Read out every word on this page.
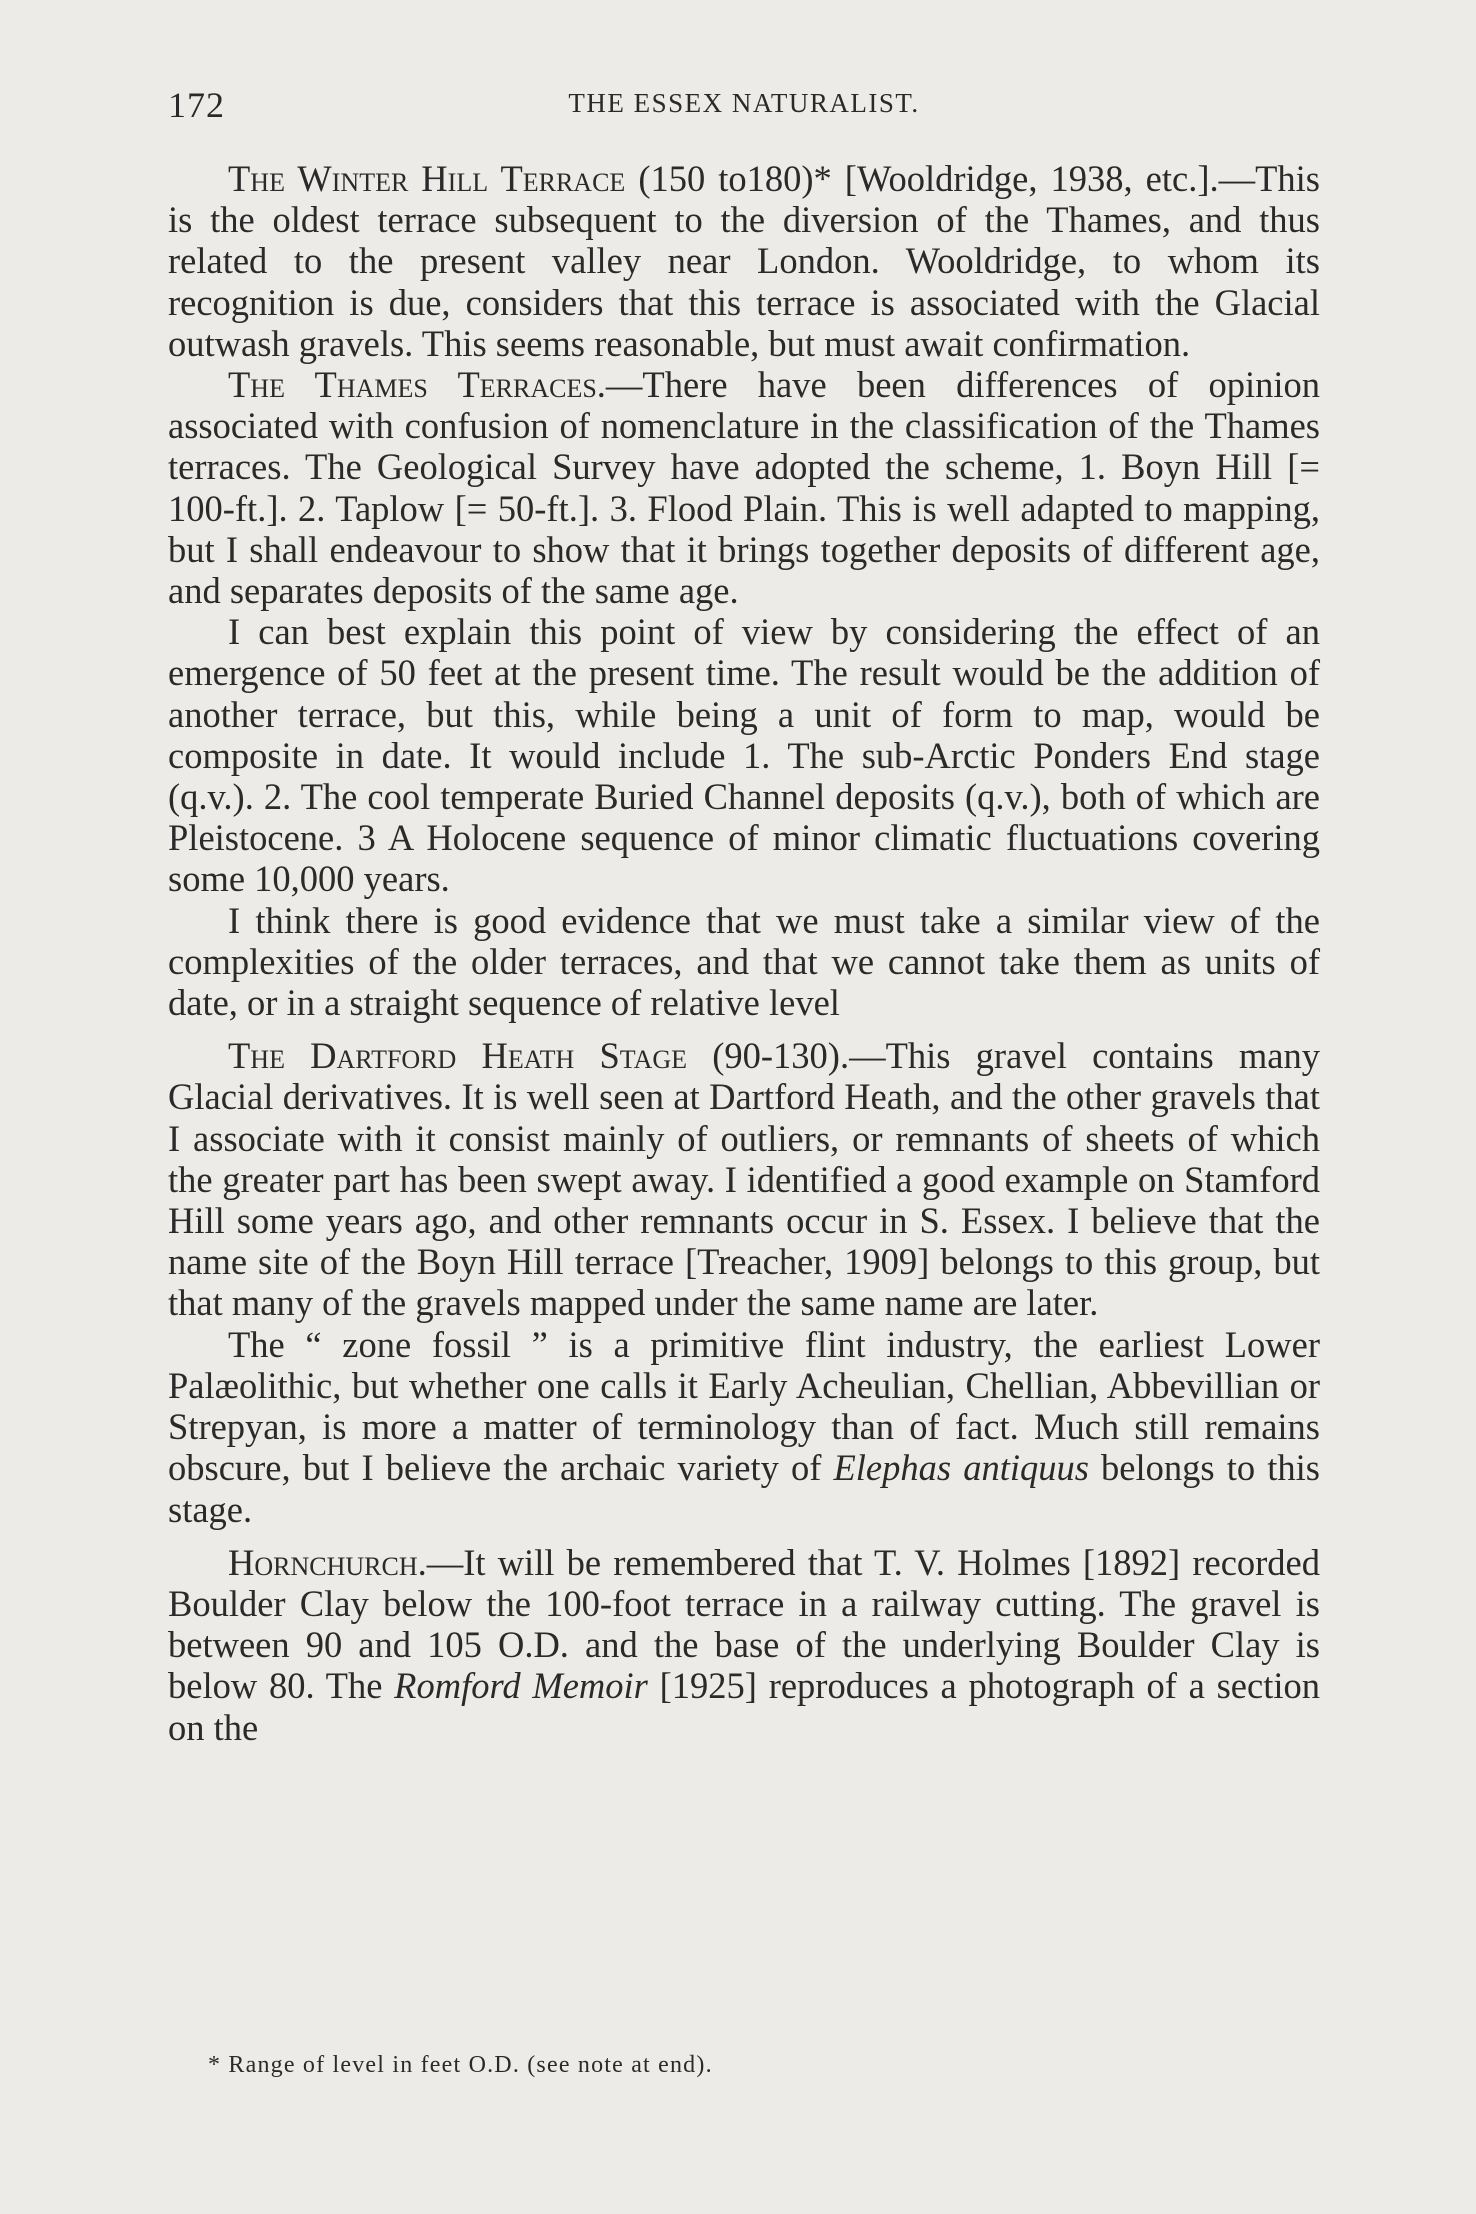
172	THE ESSEX NATURALIST.

The Winter Hill Terrace (150 to180)* [Wooldridge, 1938, etc.].—This is the oldest terrace subsequent to the diversion of the Thames, and thus related to the present valley near London. Wooldridge, to whom its recognition is due, considers that this terrace is associated with the Glacial outwash gravels. This seems reasonable, but must await confirmation.

The Thames Terraces.—There have been differences of opinion associated with confusion of nomenclature in the classification of the Thames terraces. The Geological Survey have adopted the scheme, 1. Boyn Hill [= 100-ft.]. 2. Taplow [= 50-ft.]. 3. Flood Plain. This is well adapted to mapping, but I shall endeavour to show that it brings together deposits of different age, and separates deposits of the same age.

I can best explain this point of view by considering the effect of an emergence of 50 feet at the present time. The result would be the addition of another terrace, but this, while being a unit of form to map, would be composite in date. It would include 1. The sub-Arctic Ponders End stage (q.v.). 2. The cool temperate Buried Channel deposits (q.v.), both of which are Pleistocene. 3 A Holocene sequence of minor climatic fluctuations covering some 10,000 years.

I think there is good evidence that we must take a similar view of the complexities of the older terraces, and that we cannot take them as units of date, or in a straight sequence of relative level

The Dartford Heath Stage (90-130).—This gravel contains many Glacial derivatives. It is well seen at Dartford Heath, and the other gravels that I associate with it consist mainly of outliers, or remnants of sheets of which the greater part has been swept away. I identified a good example on Stamford Hill some years ago, and other remnants occur in S. Essex. I believe that the name site of the Boyn Hill terrace [Treacher, 1909] belongs to this group, but that many of the gravels mapped under the same name are later.

The “ zone fossil ” is a primitive flint industry, the earliest Lower Palæolithic, but whether one calls it Early Acheulian, Chellian, Abbevillian or Strepyan, is more a matter of terminology than of fact. Much still remains obscure, but I believe the archaic variety of Elephas antiquus belongs to this stage.

Hornchurch.—It will be remembered that T. V. Holmes [1892] recorded Boulder Clay below the 100-foot terrace in a railway cutting. The gravel is between 90 and 105 O.D. and the base of the underlying Boulder Clay is below 80. The Romford Memoir [1925] reproduces a photograph of a section on the

* Range of level in feet O.D. (see note at end).
